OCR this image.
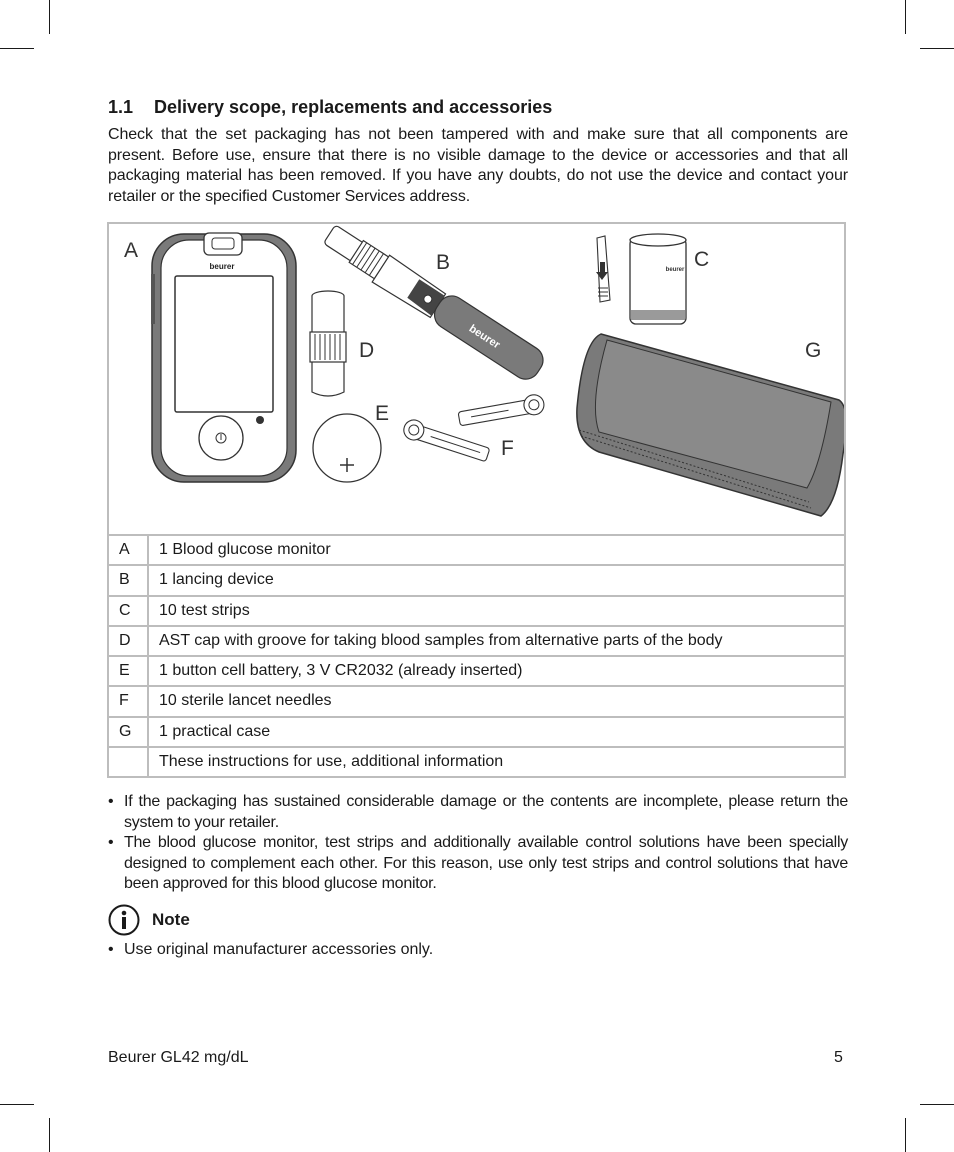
1.1 Delivery scope, replacements and accessories

Check that the set packaging has not been tampered with and make sure that all components are present. Before use, ensure that there is no visible damage to the device or accessories and that all packaging material has been removed. If you have any doubts, do not use the device and contact your retailer or the specified Customer Services address.

beurer
A
beurer
B
D
E
F
beurer C
G
A	1 Blood glucose monitor
B	1 lancing device
C	10 test strips
D	AST cap with groove for taking blood samples from alternative parts of the body
E	1 button cell battery, 3 V CR2032 (already inserted)
F	10 sterile lancet needles
G	1 practical case
These instructions for use, additional information
• If the packaging has sustained considerable damage or the contents are incomplete, please return the system to your retailer.
• The blood glucose monitor, test strips and additionally available control solutions have been specially designed to complement each other. For this reason, use only test strips and control solutions that have been approved for this blood glucose monitor.
Note
• Use original manufacturer accessories only.
Beurer GL42 mg/dL	5
